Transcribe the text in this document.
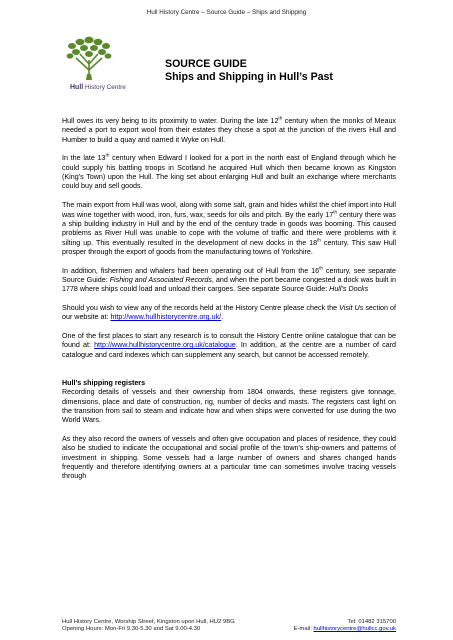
Hull History Centre – Source Guide – Ships and Shipping
Hull History Centre
SOURCE GUIDE
Ships and Shipping in Hull’s Past

Hull owes its very being to its proximity to water. During the late 12th century when the monks of Meaux needed a port to export wool from their estates they chose a spot at the junction of the rivers Hull and Humber to build a quay and named it Wyke on Hull.

In the late 13th century when Edward I looked for a port in the north east of England through which he could supply his battling troops in Scotland he acquired Hull which then became known as Kingston (King’s Town) upon the Hull. The king set about enlarging Hull and built an exchange where merchants could buy and sell goods.

The main export from Hull was wool, along with some salt, grain and hides whilst the chief import into Hull was wine together with wood, iron, furs, wax, seeds for oils and pitch. By the early 17th century there was a ship building industry in Hull and by the end of the century trade in goods was booming. This caused problems as River Hull was unable to cope with the volume of traffic and there were problems with it silting up. This eventually resulted in the development of new docks in the 18th century. This saw Hull prosper through the export of goods from the manufacturing towns of Yorkshire.

In addition, fishermen and whalers had been operating out of Hull from the 16th century, see separate Source Guide: Fishing and Associated Records, and when the port became congested a dock was built in 1778 where ships could load and unload their cargoes. See separate Source Guide: Hull’s Docks

Should you wish to view any of the records held at the History Centre please check the Visit Us section of our website at: http://www.hullhistorycentre.org.uk/.

One of the first places to start any research is to consult the History Centre online catalogue that can be found at: http://www.hullhistorycentre.org.uk/catalogue. In addition, at the centre are a number of card catalogue and card indexes which can supplement any search, but cannot be accessed remotely.

Hull’s shipping registers

Recording details of vessels and their ownership from 1804 onwards, these registers give tonnage, dimensions, place and date of construction, rig, number of decks and masts. The registers cast light on the transition from sail to steam and indicate how and when ships were converted for use during the two World Wars.

As they also record the owners of vessels and often give occupation and places of residence, they could also be studied to indicate the occupational and social profile of the town's ship-owners and patterns of investment in shipping. Some vessels had a large number of owners and shares changed hands frequently and therefore identifying owners at a particular time can sometimes involve tracing vessels through

Hull History Centre, Worship Street, Kingston upon Hull, HU2 9BG	Tel: 01482 315700
Opening Hours: Mon-Fri 9.30-5.30 and Sat 9.00-4.30	E-mail: hullhistorycentre@hullcc.gov.uk
